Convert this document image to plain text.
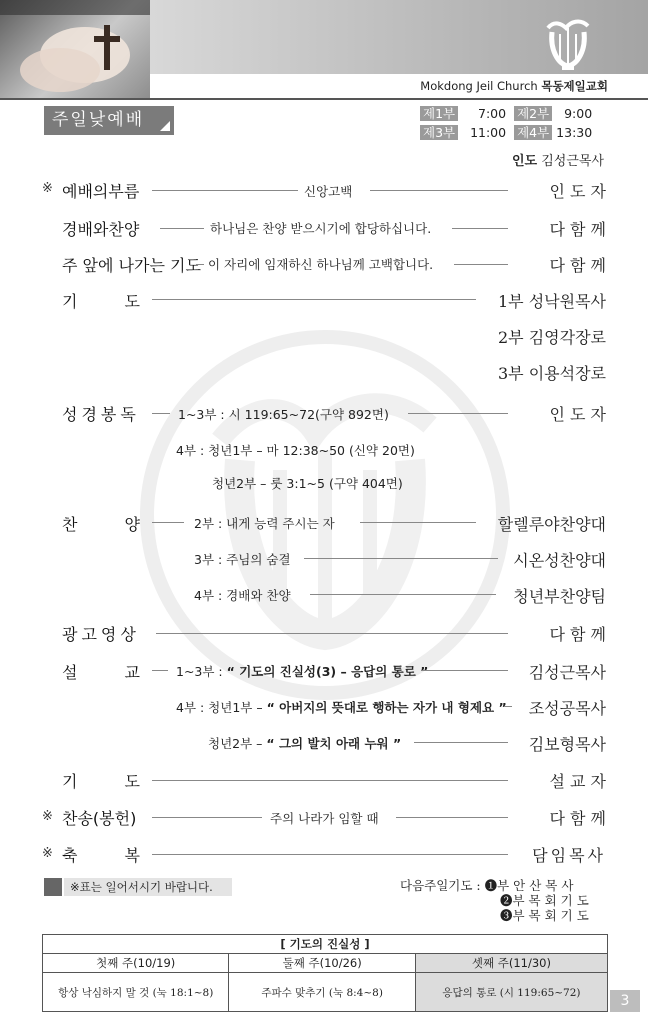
Mokdong Jeil Church 목동제일교회
주일낮예배	제1부 7:00 제2부 9:00
제3부 11:00 제4부 13:30
인도 김성근목사
※ 예배의부름	신앙고백	인 도 자
경배와찬양	하나님은 찬양 받으시기에 합당하십니다.	다 함 께
주 앞에 나가는 기도 이 자리에 임재하신 하나님께 고백합니다.	다 함 께
기 도	1부 성낙원목사
2부 김영각장로
3부 이용석장로
성경봉독	1~3부 : 시 119:65~72(구약 892면)	인 도 자
4부 : 청년1부 – 마 12:38~50 (신약 20면)
청년2부 – 룻 3:1~5 (구약 404면)
찬 양	2부 : 내게 능력 주시는 자	할렐루야찬양대
3부 : 주님의 숨결	시온성찬양대
4부 : 경배와 찬양	청년부찬양팀
광고영상	다 함 께
설 교	1~3부 : “ 기도의 진실성(3) – 응답의 통로 ”	김성근목사
4부 : 청년1부 – “ 아버지의 뜻대로 행하는 자가 내 형제요 ” 조성공목사
청년2부 – “ 그의 발치 아래 누워 ”	김보형목사
기 도	설 교 자
※ 찬송(봉헌)	주의 나라가 임할 때	다 함 께
※ 축 복	담임목사
※표는 일어서시기 바랍니다.	다음주일기도 : ❶부 안 산 목 사
❷부 목 회 기 도
❸부 목 회 기 도
[ 기도의 진실성 ]		
첫째 주(10/19)	둘째 주(10/26)	셋째 주(11/30)
항상 낙심하지 말 것 (눅 18:1~8)	주파수 맞추기 (눅 8:4~8)	응답의 통로 (시 119:65~72)
3
